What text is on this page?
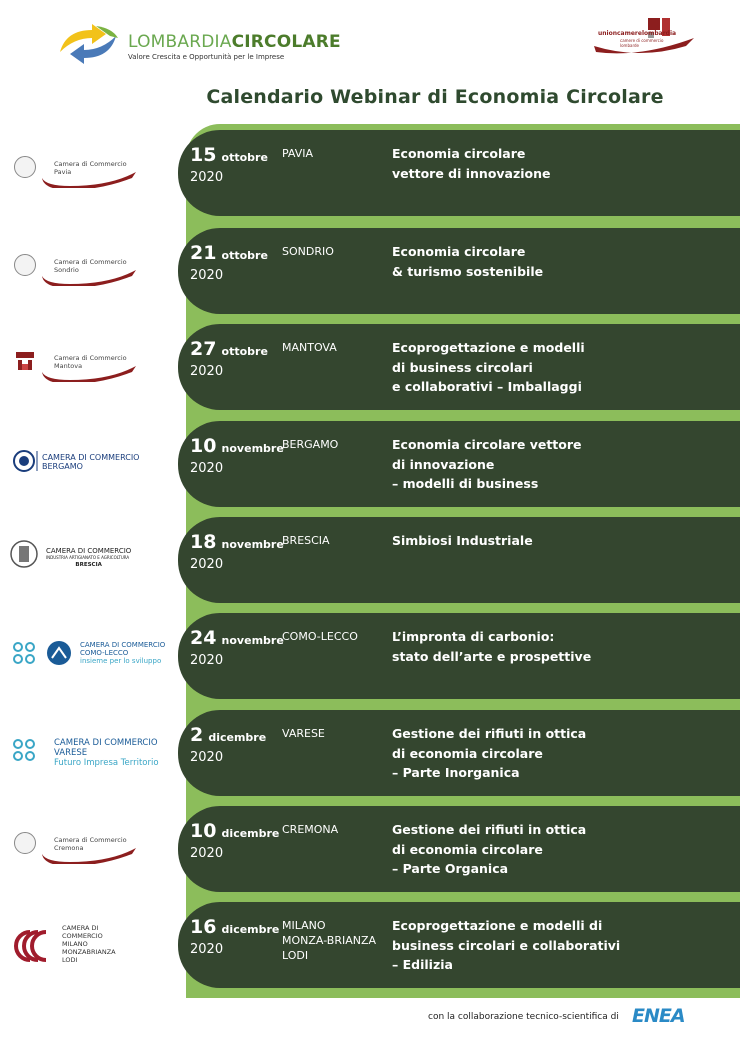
LOMBARDIACIRCOLARE
Valore Crescita e Opportunità per le Imprese
unioncamerelombardia
camere di commercio lombarde
Calendario Webinar di Economia Circolare
Camera di Commercio
Pavia
15 ottobre
2020
PAVIA	Economia circolare
vettore di innovazione
Camera di Commercio
Sondrio
21 ottobre
2020
SONDRIO	Economia circolare
& turismo sostenibile
Camera di Commercio
Mantova
27 ottobre
2020
MANTOVA	Ecoprogettazione e modelli
di business circolari
e collaborativi – Imballaggi
CAMERA DI COMMERCIO
BERGAMO
10 novembre
2020
BERGAMO	Economia circolare vettore
di innovazione
– modelli di business
CAMERA DI COMMERCIO
INDUSTRIA ARTIGIANATO E AGRICOLTURA
BRESCIA
18 novembre
2020
BRESCIA	Simbiosi Industriale
CAMERA DI COMMERCIO
COMO-LECCO
insieme per lo sviluppo
24 novembre
2020
COMO-LECCO	L’impronta di carbonio:
stato dell’arte e prospettive
CAMERA DI COMMERCIO
VARESE
Futuro Impresa Territorio
2 dicembre
2020
VARESE	Gestione dei rifiuti in ottica
di economia circolare
– Parte Inorganica
Camera di Commercio
Cremona
10 dicembre
2020
CREMONA	Gestione dei rifiuti in ottica
di economia circolare
– Parte Organica
CAMERA DI
COMMERCIO
MILANO
MONZABRIANZA
LODI
16 dicembre
2020
MILANO
MONZA-BRIANZA
LODI
Ecoprogettazione e modelli di
business circolari e collaborativi
– Edilizia
con la collaborazione tecnico-scientifica di ENEA
